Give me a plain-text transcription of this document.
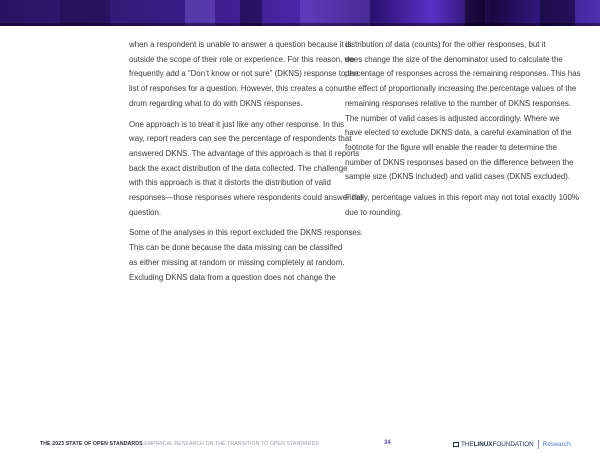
when a respondent is unable to answer a question because it is
outside the scope of their role or experience. For this reason, we
frequently add a “Don’t know or not sure” (DKNS) response to the
list of responses for a question. However, this creates a conun-
drum regarding what to do with DKNS responses.

One approach is to treat it just like any other response. In this
way, report readers can see the percentage of respondents that
answered DKNS. The advantage of this approach is that it reports
back the exact distribution of the data collected. The challenge
with this approach is that it distorts the distribution of valid
responses—those responses where respondents could answer the
question.

Some of the analyses in this report excluded the DKNS responses.
This can be done because the data missing can be classified
as either missing at random or missing completely at random.
Excluding DKNS data from a question does not change the

distribution of data (counts) for the other responses, but it
does change the size of the denominator used to calculate the
percentage of responses across the remaining responses. This has
the effect of proportionally increasing the percentage values of the
remaining responses relative to the number of DKNS responses.
The number of valid cases is adjusted accordingly. Where we
have elected to exclude DKNS data, a careful examination of the
footnote for the figure will enable the reader to determine the
number of DKNS responses based on the difference between the
sample size (DKNS included) and valid cases (DKNS excluded).

Finally, percentage values in this report may not total exactly 100%
due to rounding.

THE 2023 STATE OF OPEN STANDARDS EMPIRICAL RESEARCH ON THE TRANSITION TO OPEN STANDARDS	34	THE LINUX FOUNDATION Research
